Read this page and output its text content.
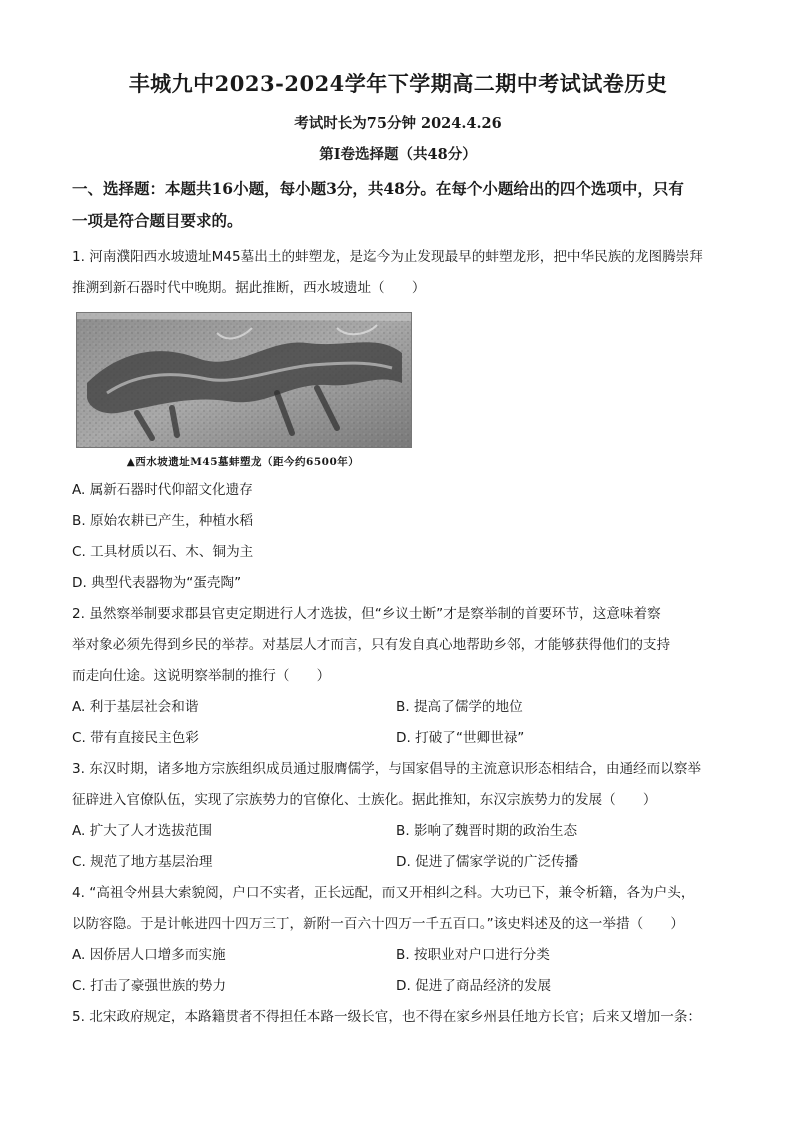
丰城九中2023-2024学年下学期高二期中考试试卷历史
考试时长为75分钟 2024.4.26
第Ⅰ卷选择题（共48分）
一、选择题：本题共16小题，每小题3分，共48分。在每个小题给出的四个选项中，只有
一项是符合题目要求的。

1. 河南濮阳西水坡遗址M45墓出土的蚌塑龙，是迄今为止发现最早的蚌塑龙形，把中华民族的龙图腾崇拜

推溯到新石器时代中晚期。据此推断，西水坡遗址（　　）

▲西水坡遗址M45墓蚌塑龙（距今约6500年）
A. 属新石器时代仰韶文化遗存
B. 原始农耕已产生，种植水稻
C. 工具材质以石、木、铜为主
D. 典型代表器物为“蛋壳陶”

2. 虽然察举制要求郡县官吏定期进行人才选拔，但“乡议士断”才是察举制的首要环节，这意味着察

举对象必须先得到乡民的举荐。对基层人才而言，只有发自真心地帮助乡邻，才能够获得他们的支持

而走向仕途。这说明察举制的推行（　　）

A. 利于基层社会和谐	B. 提高了儒学的地位
C. 带有直接民主色彩	D. 打破了“世卿世禄”

3. 东汉时期，诸多地方宗族组织成员通过服膺儒学，与国家倡导的主流意识形态相结合，由通经而以察举

征辟进入官僚队伍，实现了宗族势力的官僚化、士族化。据此推知，东汉宗族势力的发展（　　）

A. 扩大了人才选拔范围	B. 影响了魏晋时期的政治生态
C. 规范了地方基层治理	D. 促进了儒家学说的广泛传播

4. “高祖令州县大索貌阅，户口不实者，正长远配，而又开相纠之科。大功已下，兼令析籍，各为户头，

以防容隐。于是计帐进四十四万三丁，新附一百六十四万一千五百口。”该史料述及的这一举措（　　）

A. 因侨居人口增多而实施	B. 按职业对户口进行分类
C. 打击了豪强世族的势力	D. 促进了商品经济的发展

5. 北宋政府规定，本路籍贯者不得担任本路一级长官，也不得在家乡州县任地方长官；后来又增加一条：
